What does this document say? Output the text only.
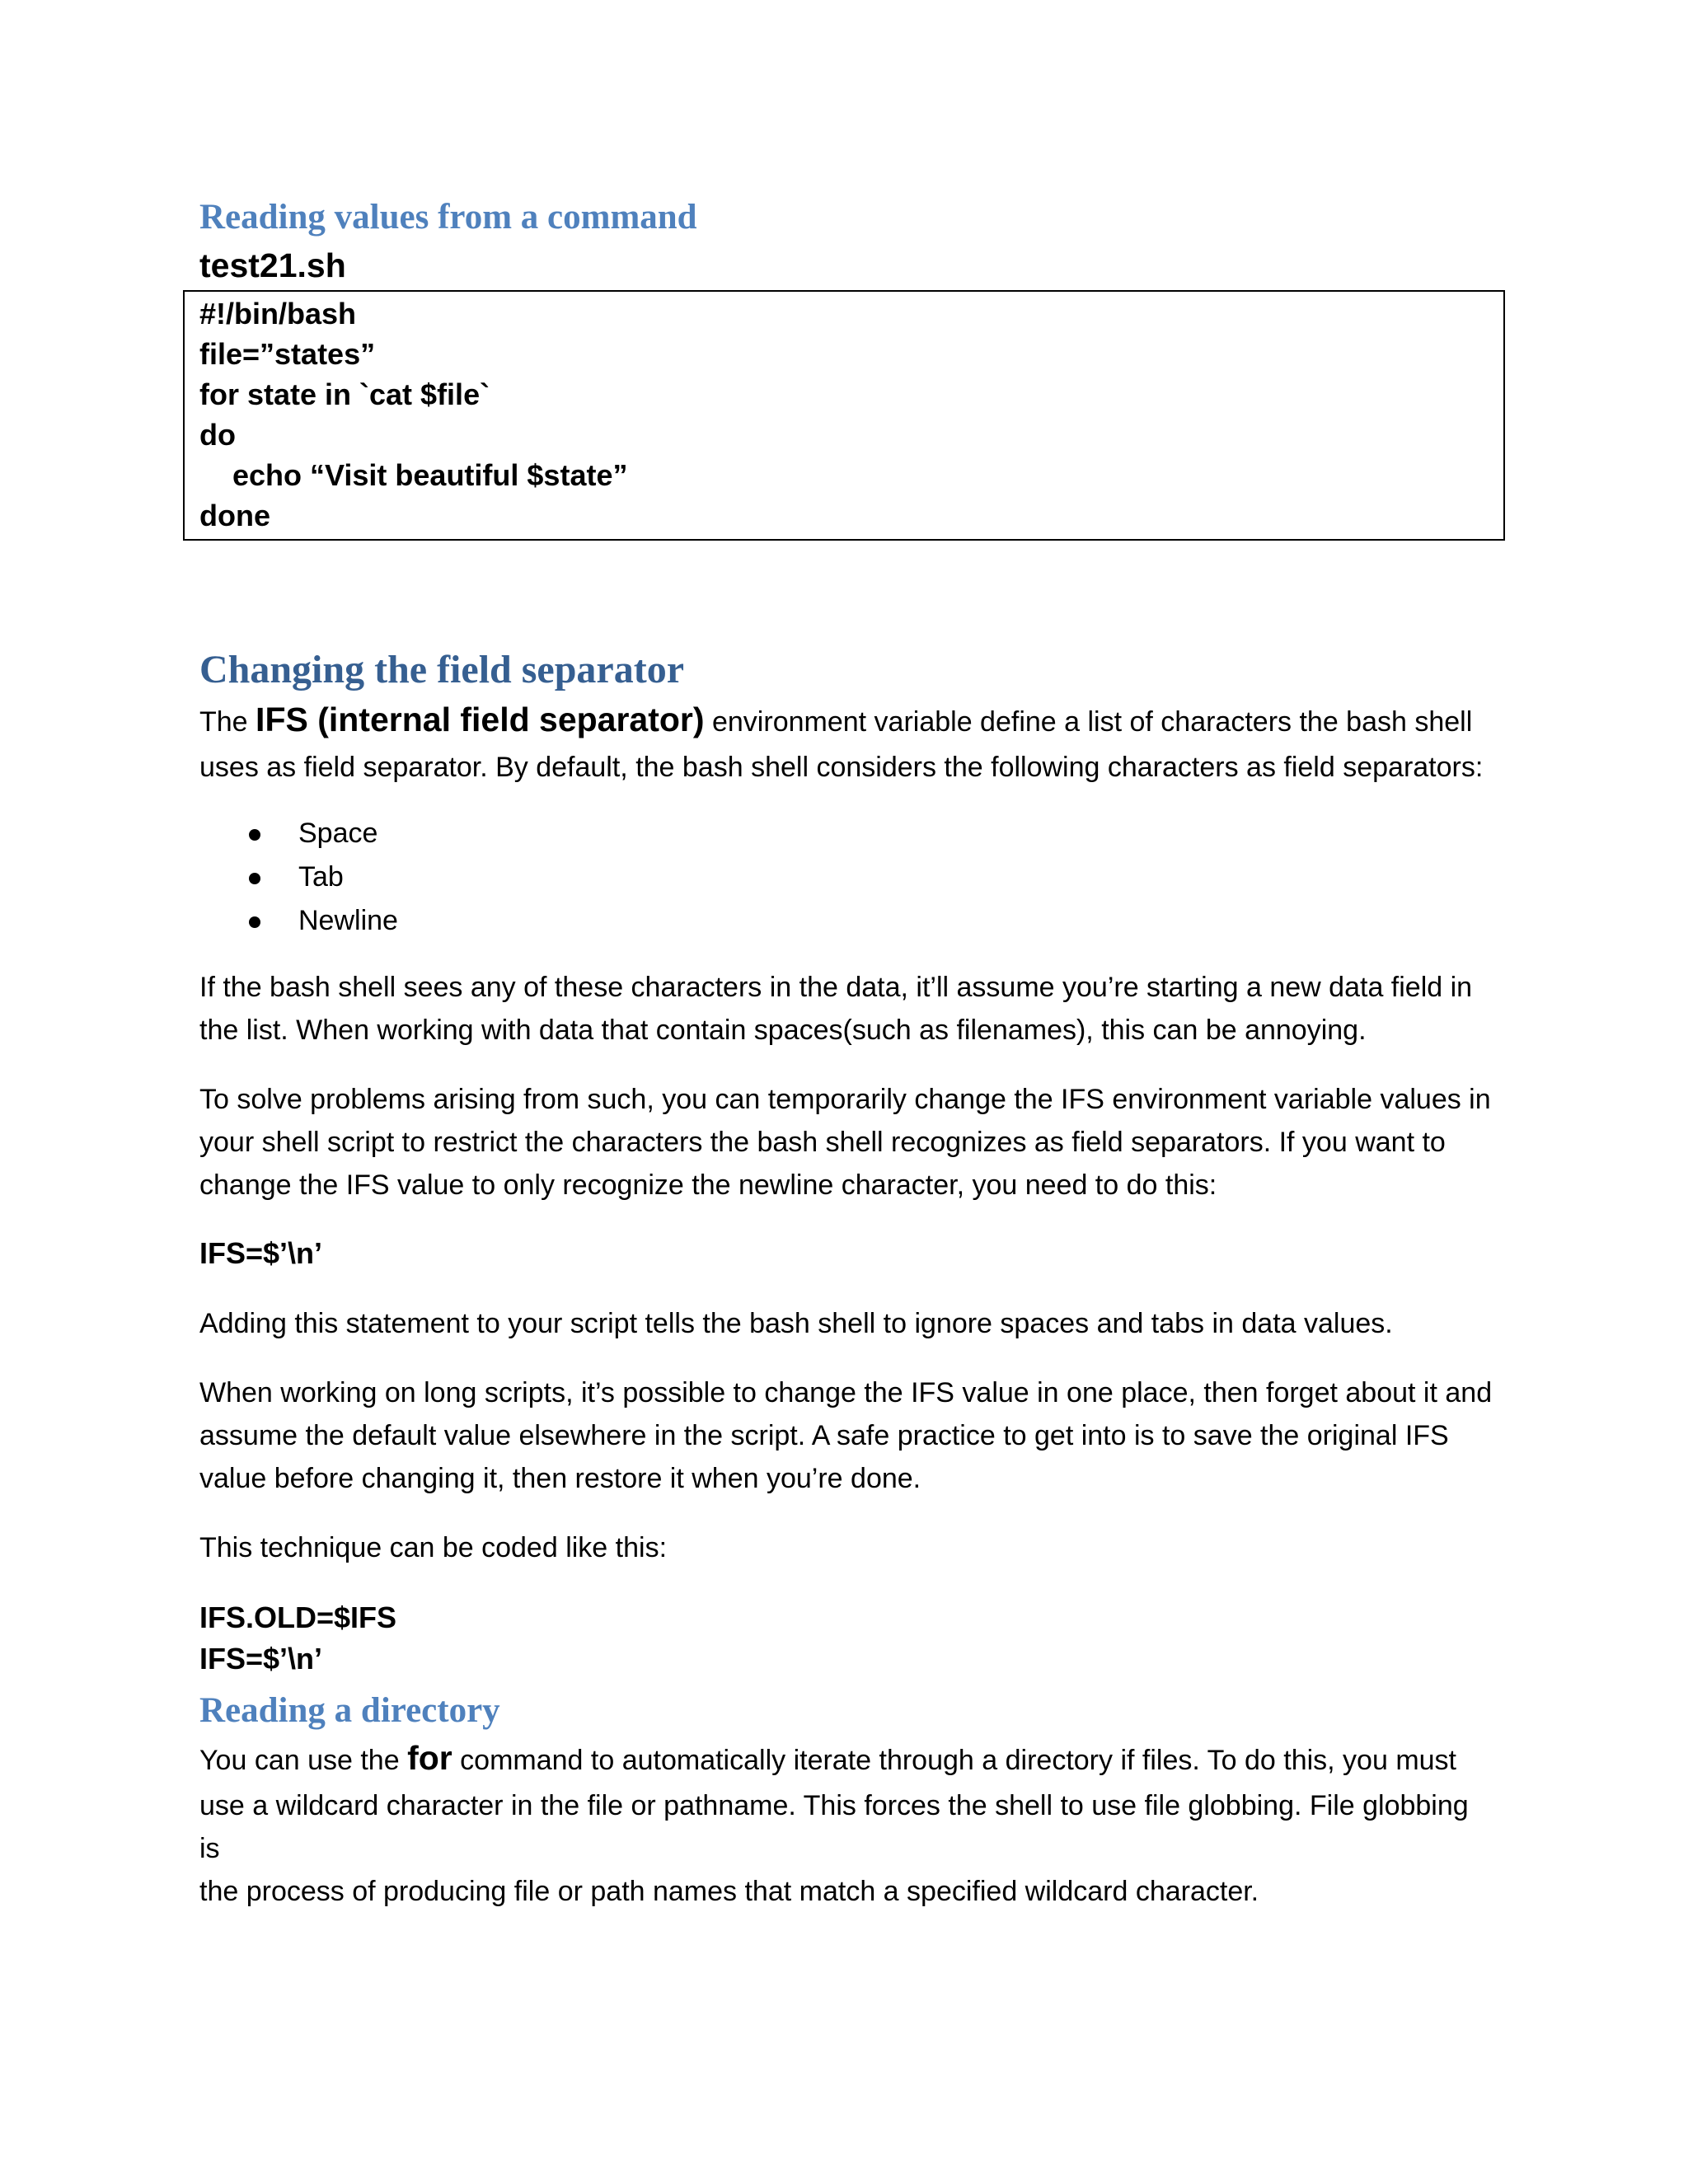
Reading values from a command

test21.sh

#!/bin/bash
file=”states”
for state in `cat $file`
do
echo “Visit beautiful $state”
done
Changing the field separator

The IFS (internal field separator) environment variable define a list of characters the bash shell

uses as field separator. By default, the bash shell considers the following characters as field separators:

Space
Tab
Newline

If the bash shell sees any of these characters in the data, it’ll assume you’re starting a new data field in

the list. When working with data that contain spaces(such as filenames), this can be annoying.

To solve problems arising from such, you can temporarily change the IFS environment variable values in

your shell script to restrict the characters the bash shell recognizes as field separators. If you want to

change the IFS value to only recognize the newline character, you need to do this:

IFS=$’\n’

Adding this statement to your script tells the bash shell to ignore spaces and tabs in data values.

When working on long scripts, it’s possible to change the IFS value in one place, then forget about it and

assume the default value elsewhere in the script. A safe practice to get into is to save the original IFS

value before changing it, then restore it when you’re done.

This technique can be coded like this:

IFS.OLD=$IFS

IFS=$’\n’

Reading a directory

You can use the for command to automatically iterate through a directory if files. To do this, you must

use a wildcard character in the file or pathname. This forces the shell to use file globbing. File globbing is

the process of producing file or path names that match a specified wildcard character.
